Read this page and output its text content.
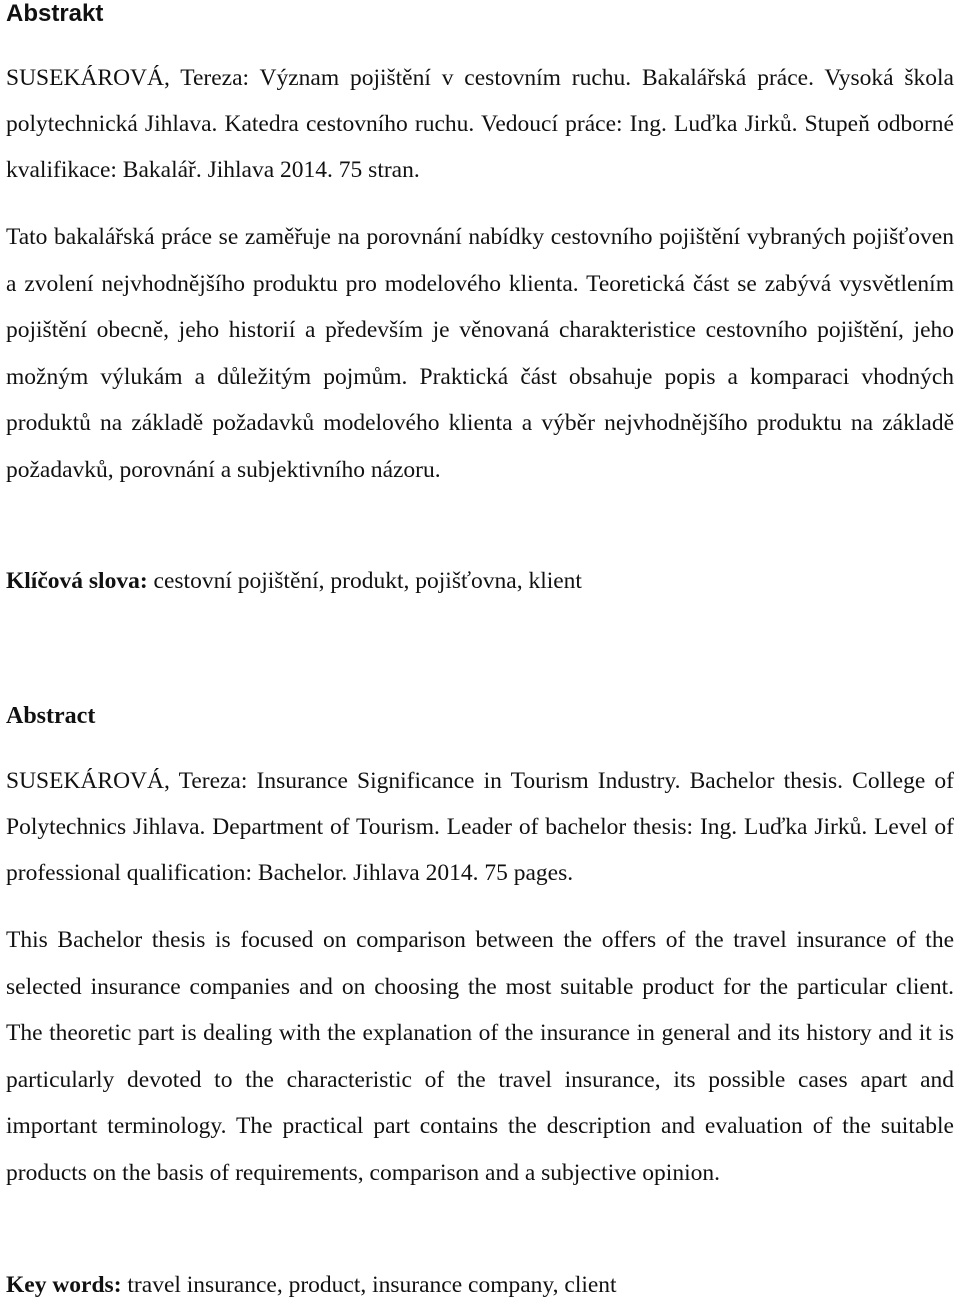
Abstrakt

SUSEKÁROVÁ, Tereza: Význam pojištění v cestovním ruchu. Bakalářská práce. Vysoká škola polytechnická Jihlava. Katedra cestovního ruchu. Vedoucí práce: Ing. Luďka Jirků. Stupeň odborné kvalifikace: Bakalář. Jihlava 2014. 75 stran.

Tato bakalářská práce se zaměřuje na porovnání nabídky cestovního pojištění vybraných pojišťoven a zvolení nejvhodnějšího produktu pro modelového klienta. Teoretická část se zabývá vysvětlením pojištění obecně, jeho historií a především je věnovaná charakteristice cestovního pojištění, jeho možným výlukám a důležitým pojmům. Praktická část obsahuje popis a komparaci vhodných produktů na základě požadavků modelového klienta a výběr nejvhodnějšího produktu na základě požadavků, porovnání a subjektivního názoru.

Klíčová slova: cestovní pojištění, produkt, pojišťovna, klient

Abstract

SUSEKÁROVÁ, Tereza: Insurance Significance in Tourism Industry. Bachelor thesis. College of Polytechnics Jihlava. Department of Tourism. Leader of bachelor thesis: Ing. Luďka Jirků. Level of professional qualification: Bachelor. Jihlava 2014. 75 pages.

This Bachelor thesis is focused on comparison between the offers of the travel insurance of the selected insurance companies and on choosing the most suitable product for the particular client. The theoretic part is dealing with the explanation of the insurance in general and its history and it is particularly devoted to the characteristic of the travel insurance, its possible cases apart and important terminology. The practical part contains the description and evaluation of the suitable products on the basis of requirements, comparison and a subjective opinion.

Key words: travel insurance, product, insurance company, client
